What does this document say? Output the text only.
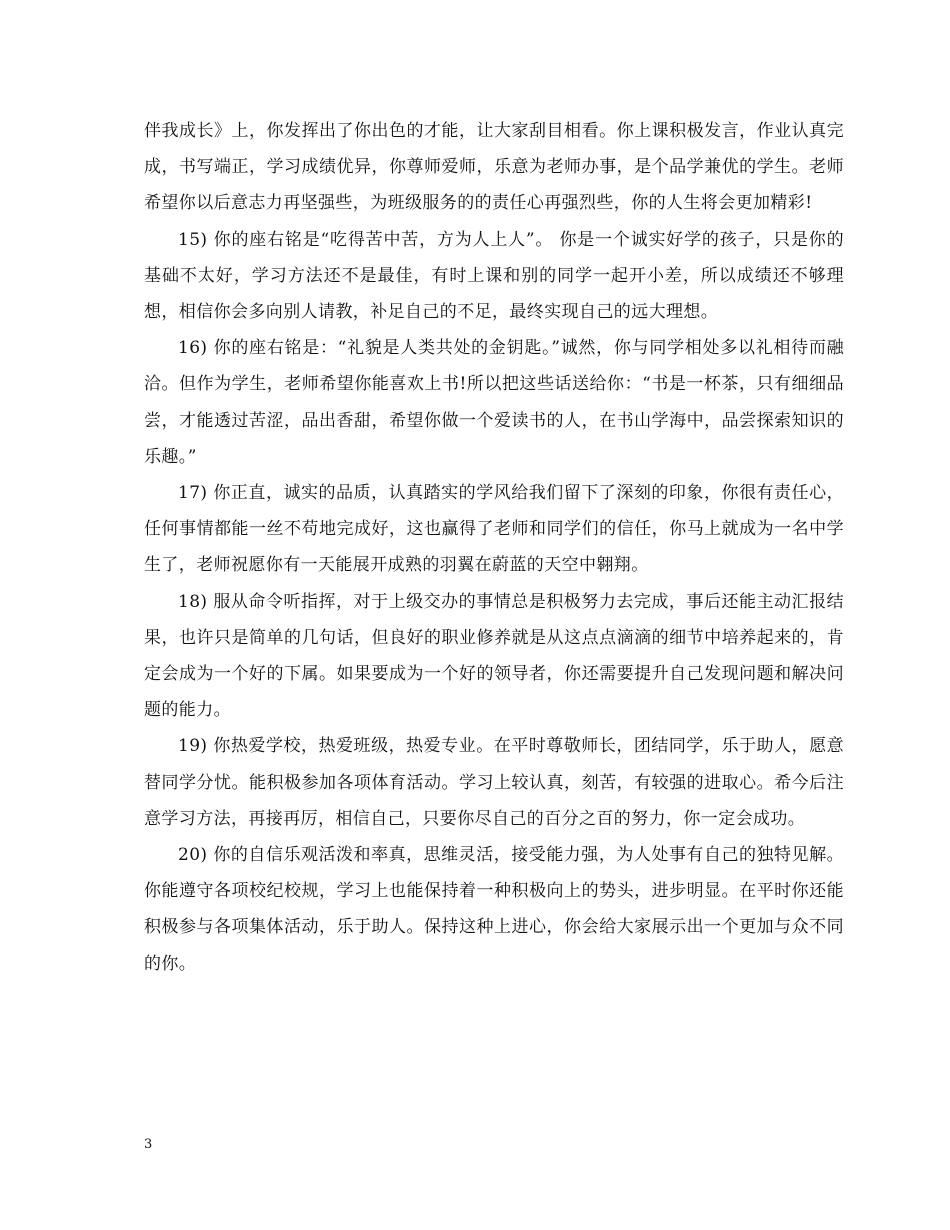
伴我成长》上，你发挥出了你出色的才能，让大家刮目相看。你上课积极发言，作业认真完成，书写端正，学习成绩优异，你尊师爱师，乐意为老师办事，是个品学兼优的学生。老师希望你以后意志力再坚强些，为班级服务的的责任心再强烈些，你的人生将会更加精彩!

15) 你的座右铭是“吃得苦中苦，方为人上人”。 你是一个诚实好学的孩子，只是你的基础不太好，学习方法还不是最佳，有时上课和别的同学一起开小差，所以成绩还不够理想，相信你会多向别人请教，补足自己的不足，最终实现自己的远大理想。

16) 你的座右铭是：“礼貌是人类共处的金钥匙。”诚然，你与同学相处多以礼相待而融洽。但作为学生，老师希望你能喜欢上书!所以把这些话送给你：“书是一杯茶，只有细细品尝，才能透过苦涩，品出香甜，希望你做一个爱读书的人，在书山学海中，品尝探索知识的乐趣。”

17) 你正直，诚实的品质，认真踏实的学风给我们留下了深刻的印象，你很有责任心，任何事情都能一丝不苟地完成好，这也赢得了老师和同学们的信任，你马上就成为一名中学生了，老师祝愿你有一天能展开成熟的羽翼在蔚蓝的天空中翱翔。

18) 服从命令听指挥，对于上级交办的事情总是积极努力去完成，事后还能主动汇报结果，也许只是简单的几句话，但良好的职业修养就是从这点点滴滴的细节中培养起来的，肯定会成为一个好的下属。如果要成为一个好的领导者，你还需要提升自己发现问题和解决问题的能力。

19) 你热爱学校，热爱班级，热爱专业。在平时尊敬师长，团结同学，乐于助人，愿意替同学分忧。能积极参加各项体育活动。学习上较认真，刻苦，有较强的进取心。希今后注意学习方法，再接再厉，相信自己，只要你尽自己的百分之百的努力，你一定会成功。

20) 你的自信乐观活泼和率真，思维灵活，接受能力强，为人处事有自己的独特见解。你能遵守各项校纪校规，学习上也能保持着一种积极向上的势头，进步明显。在平时你还能积极参与各项集体活动，乐于助人。保持这种上进心，你会给大家展示出一个更加与众不同的你。

3
